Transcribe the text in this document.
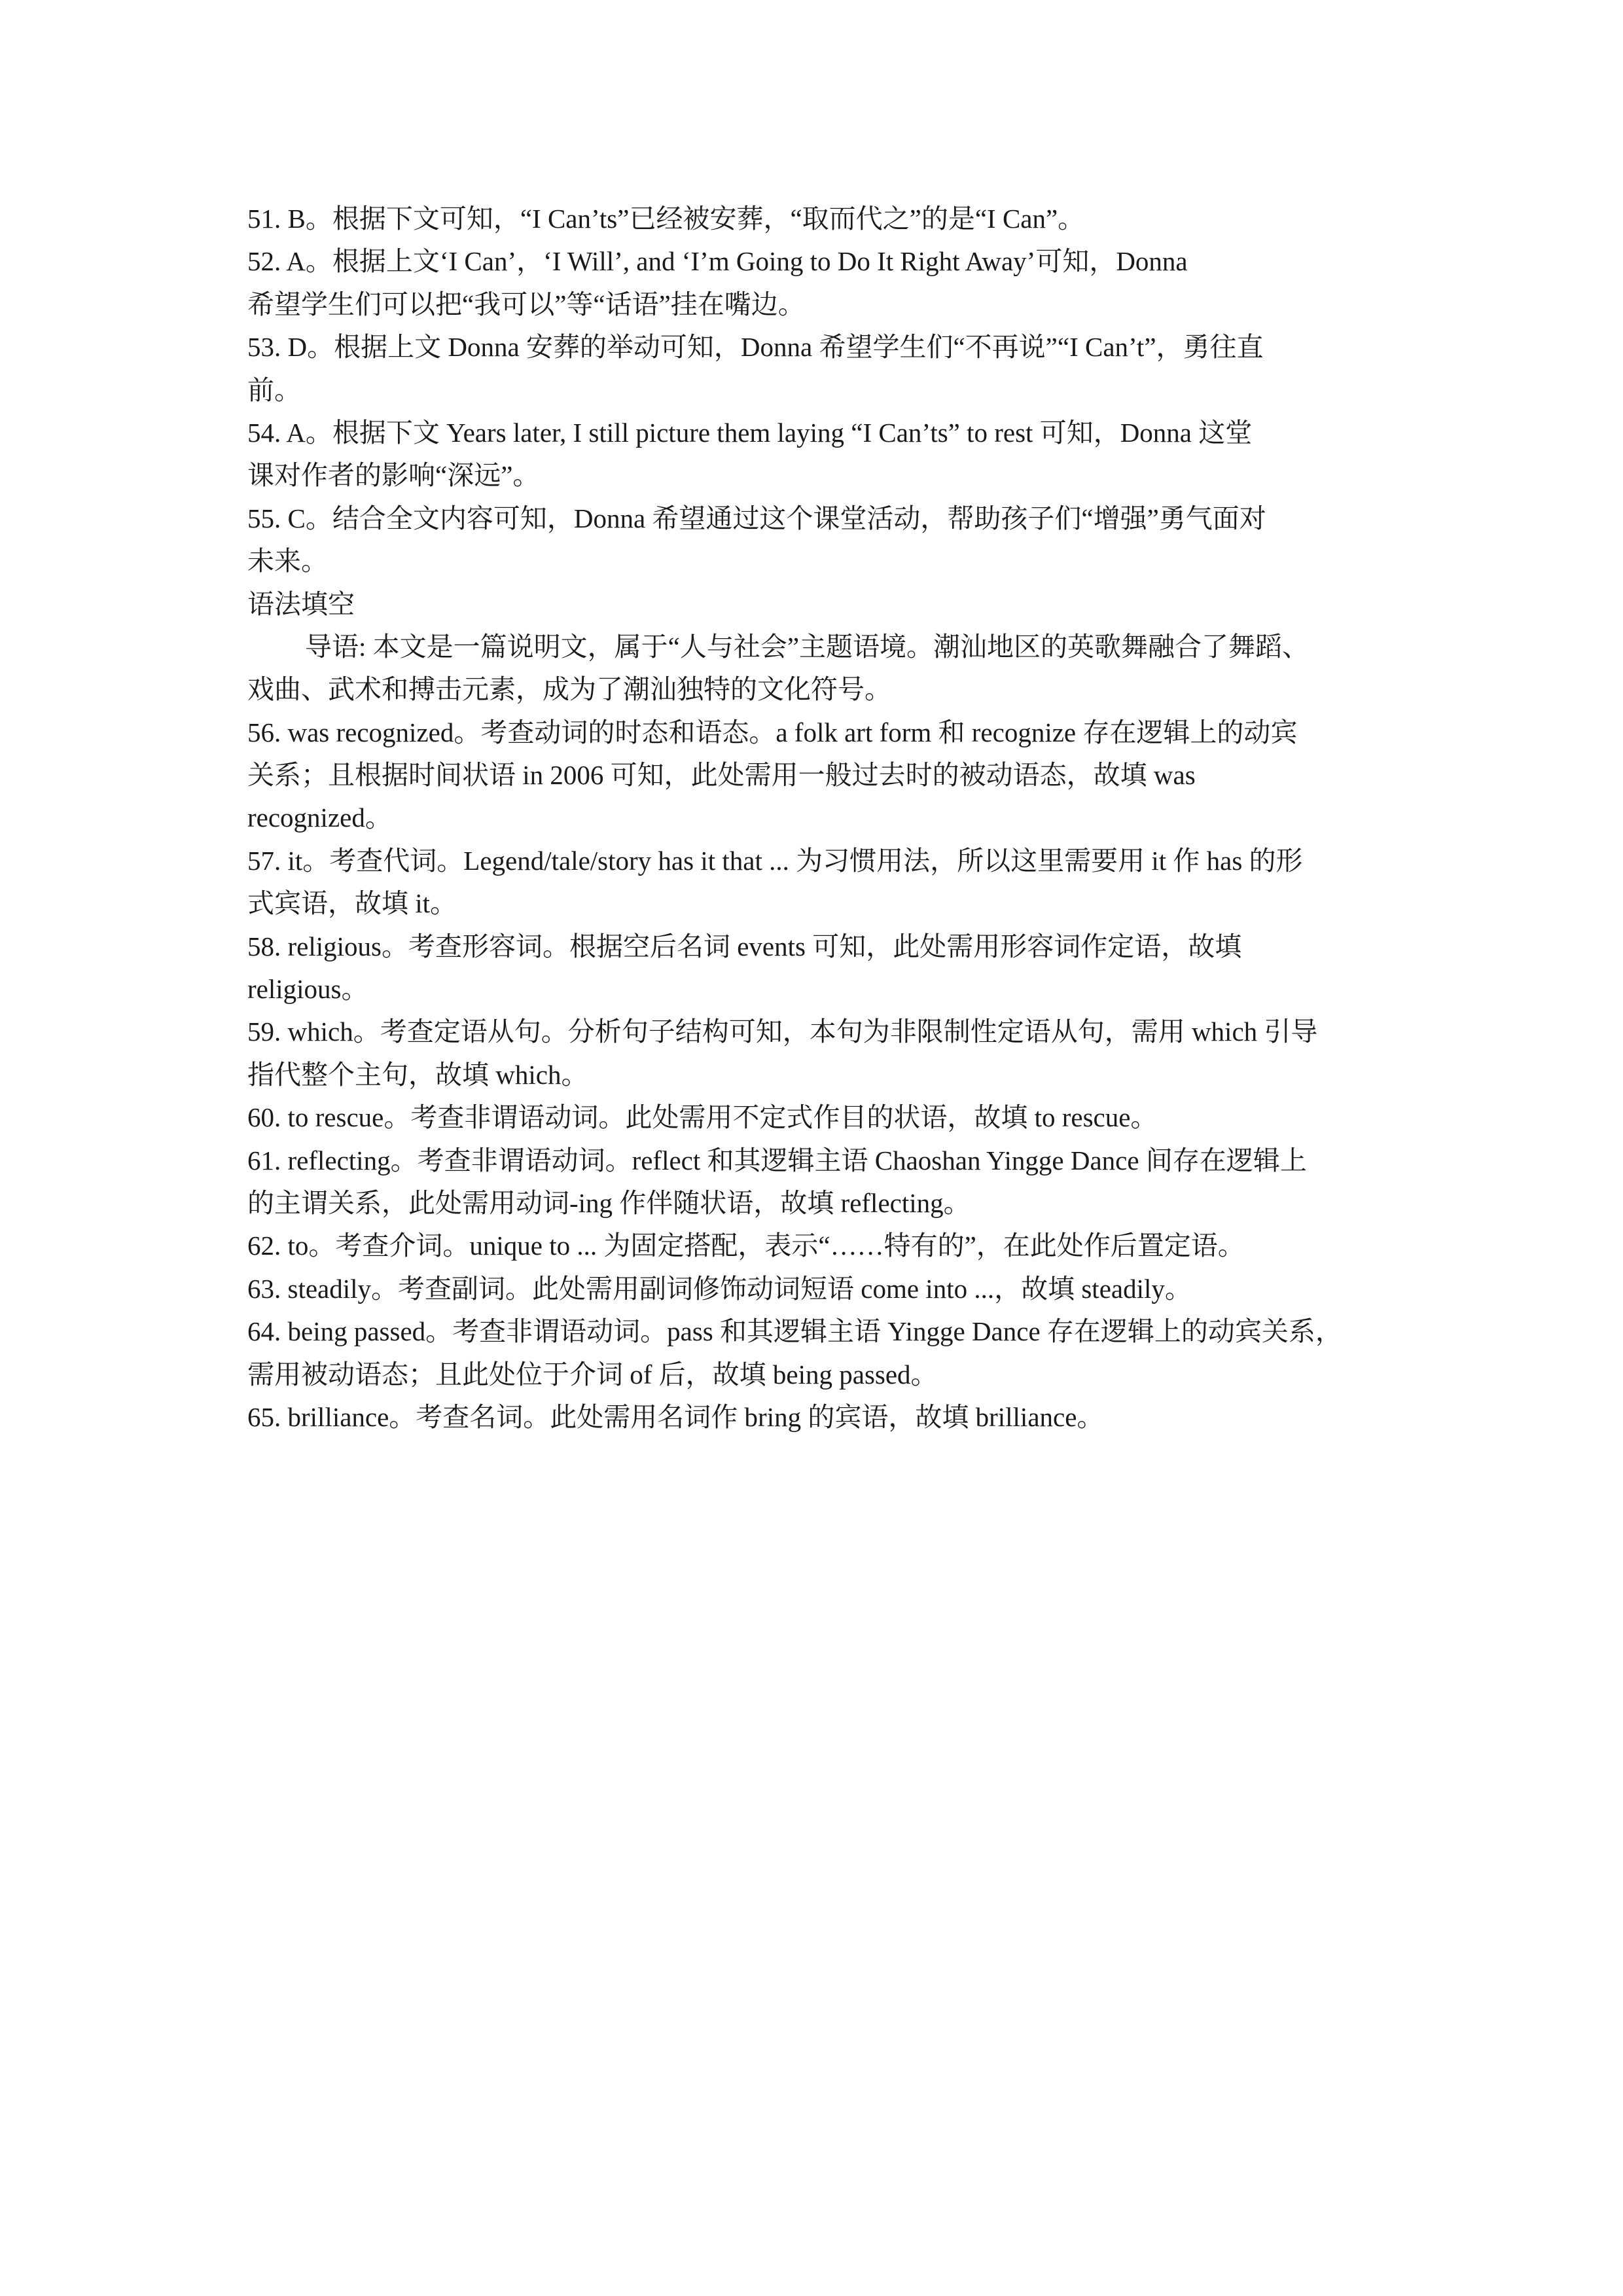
51. B。根据下文可知，“I Can’ts”已经被安葬，“取而代之”的是“I Can”。
52. A。根据上文‘I Can’，‘I Will’, and ‘I’m Going to Do It Right Away’可知，Donna
希望学生们可以把“我可以”等“话语”挂在嘴边。
53. D。根据上文 Donna 安葬的举动可知，Donna 希望学生们“不再说”“I Can’t”，勇往直
前。
54. A。根据下文 Years later, I still picture them laying “I Can’ts” to rest 可知，Donna 这堂
课对作者的影响“深远”。
55. C。结合全文内容可知，Donna 希望通过这个课堂活动，帮助孩子们“增强”勇气面对
未来。
语法填空
导语: 本文是一篇说明文，属于“人与社会”主题语境。潮汕地区的英歌舞融合了舞蹈、
戏曲、武术和搏击元素，成为了潮汕独特的文化符号。
56. was recognized。考查动词的时态和语态。a folk art form 和 recognize 存在逻辑上的动宾
关系；且根据时间状语 in 2006 可知，此处需用一般过去时的被动语态，故填 was
recognized。
57. it。考查代词。Legend/tale/story has it that ... 为习惯用法，所以这里需要用 it 作 has 的形
式宾语，故填 it。
58. religious。考查形容词。根据空后名词 events 可知，此处需用形容词作定语，故填
religious。
59. which。考查定语从句。分析句子结构可知，本句为非限制性定语从句，需用 which 引导
指代整个主句，故填 which。
60. to rescue。考查非谓语动词。此处需用不定式作目的状语，故填 to rescue。
61. reflecting。考查非谓语动词。reflect 和其逻辑主语 Chaoshan Yingge Dance 间存在逻辑上
的主谓关系，此处需用动词-ing 作伴随状语，故填 reflecting。
62. to。考查介词。unique to ... 为固定搭配，表示“……特有的”，在此处作后置定语。
63. steadily。考查副词。此处需用副词修饰动词短语 come into ...，故填 steadily。
64. being passed。考查非谓语动词。pass 和其逻辑主语 Yingge Dance 存在逻辑上的动宾关系，
需用被动语态；且此处位于介词 of 后，故填 being passed。
65. brilliance。考查名词。此处需用名词作 bring 的宾语，故填 brilliance。
